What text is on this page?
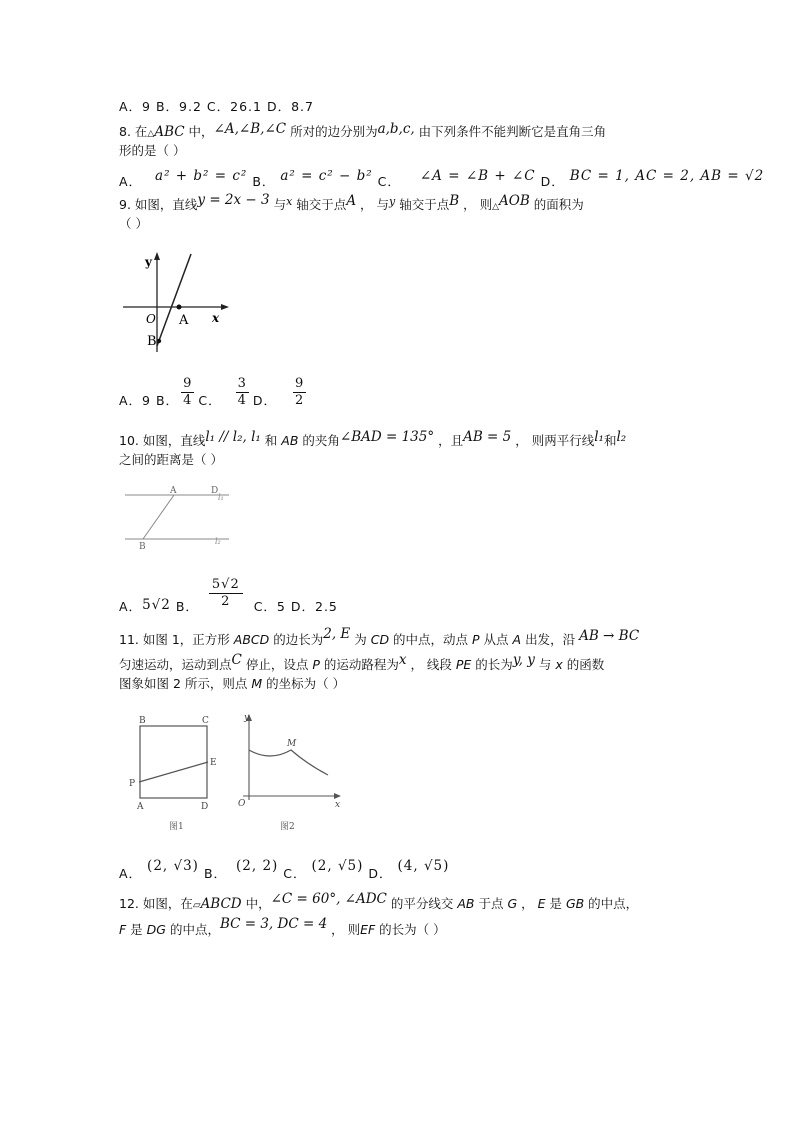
A．9 B．9.2 C．26.1 D．8.7
8. 在△ABC 中，∠A,∠B,∠C 所对的边分别为a,b,c, 由下列条件不能判断它是直角三角
形的是（ ）
A． a² + b² = c² B． a² = c² − b² C． ∠A = ∠B + ∠C D． BC = 1, AC = 2, AB = √2
9. 如图，直线y = 2x − 3 与x 轴交于点A ， 与y 轴交于点B ， 则△AOB 的面积为
（ ）
y
O A x
B
A．9 B． $\frac{9}{4}$ C． $\frac{3}{4}$ D． $\frac{9}{2}$
10. 如图，直线l₁ // l₂, l₁ 和 AB 的夹角∠BAD = 135° ，且AB = 5 ， 则两平行线l₁和l₂
之间的距离是（ ）
A	D
l₁
B
l₂
A．5√2 B． $\frac{5√2}{2}$ C．5 D．2.5
11. 如图 1，正方形 ABCD 的边长为2, E 为 CD 的中点，动点 P 从点 A 出发，沿 AB → BC
匀速运动，运动到点C 停止，设点 P 的运动路程为x ， 线段 PE 的长为y, y 与 x 的函数
图象如图 2 所示，则点 M 的坐标为（ ）
B	C
E
P
A	D
图1
y
M
O	x
图2
A． (2, √3) B． (2, 2) C． (2, √5) D． (4, √5)
12. 如图，在▱ABCD 中，∠C = 60°, ∠ADC 的平分线交 AB 于点 G ， E 是 GB 的中点，
F 是 DG 的中点，BC = 3, DC = 4 ， 则EF 的长为（ ）
